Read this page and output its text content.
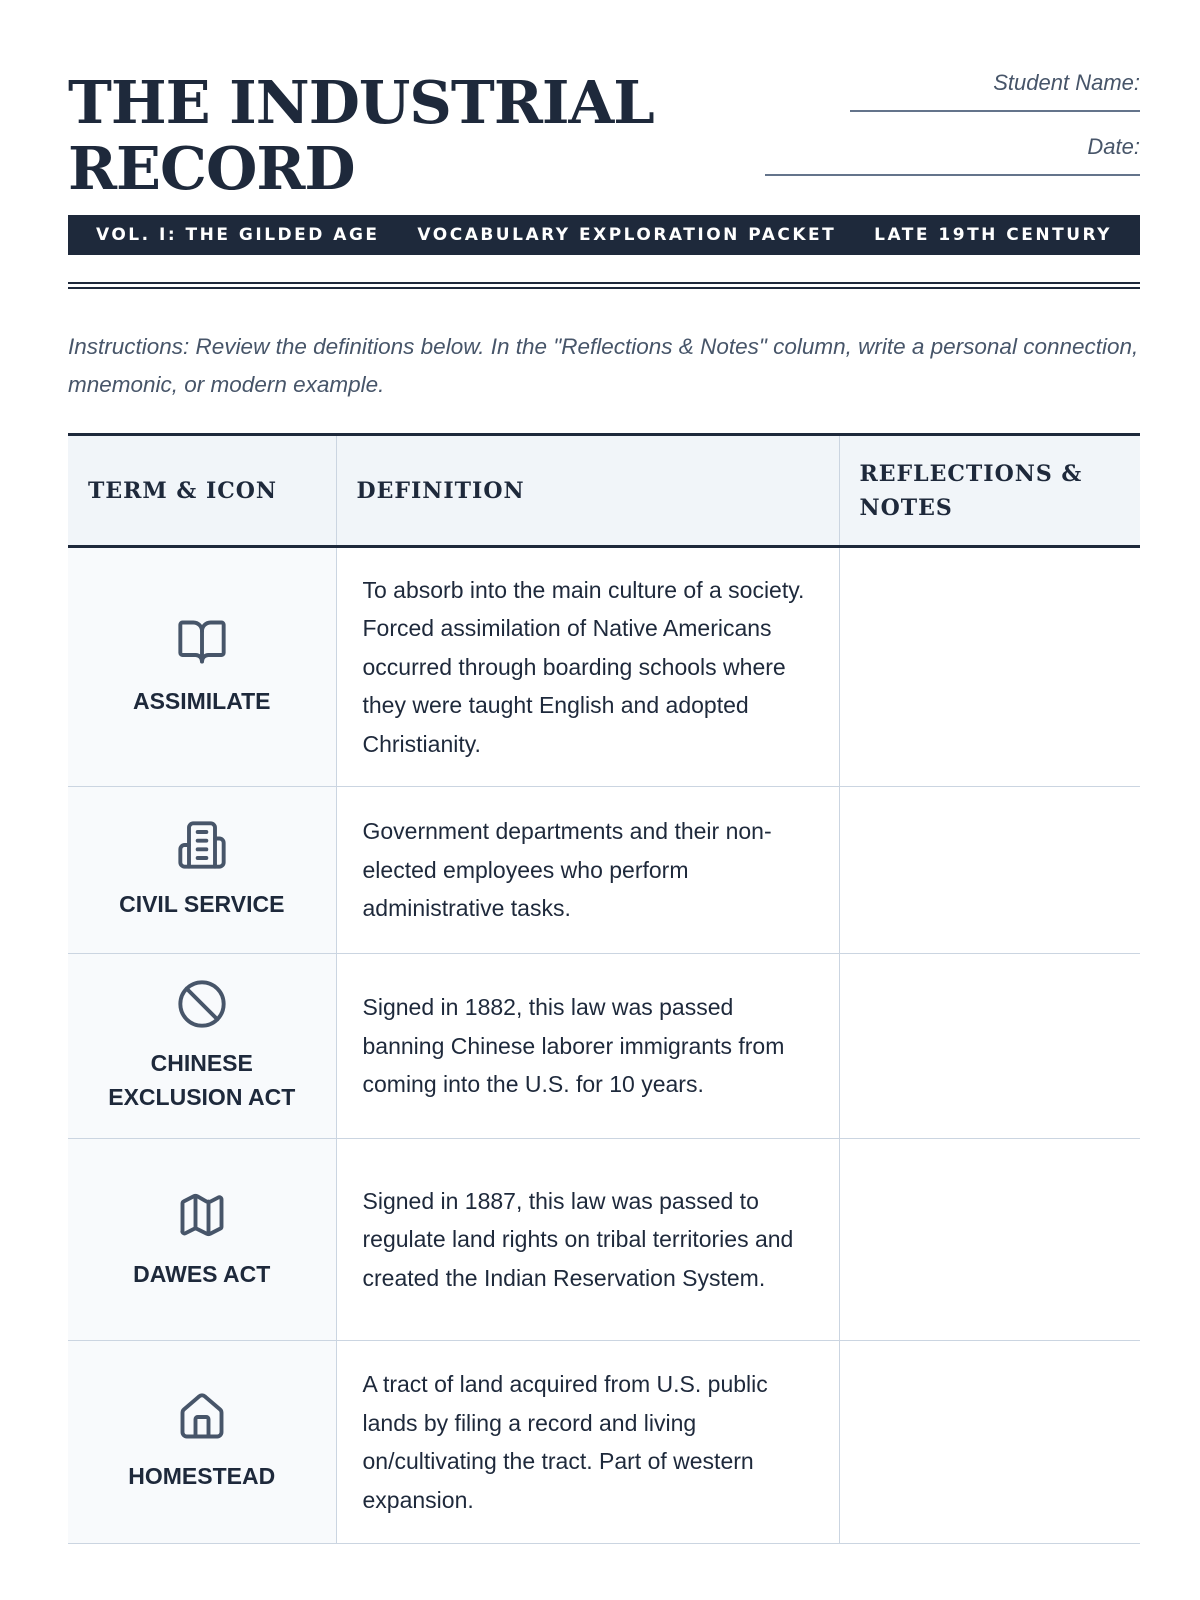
THE INDUSTRIAL
RECORD
Student Name:
Date:
VOL. I: THE GILDED AGE VOCABULARY EXPLORATION PACKET LATE 19TH CENTURY

Instructions: Review the definitions below. In the "Reflections & Notes" column, write a personal connection, mnemonic, or modern example.

TERM & ICON	DEFINITION	REFLECTIONS & NOTES

ASSIMILATE	To absorb into the main culture of a society. Forced assimilation of Native Americans occurred through boarding schools where they were taught English and adopted Christianity.	

CIVIL SERVICE	Government departments and their non-elected employees who perform administrative tasks.	

CHINESE EXCLUSION ACT	Signed in 1882, this law was passed banning Chinese laborer immigrants from coming into the U.S. for 10 years.	

DAWES ACT	Signed in 1887, this law was passed to regulate land rights on tribal territories and created the Indian Reservation System.	

HOMESTEAD	A tract of land acquired from U.S. public lands by filing a record and living on/cultivating the tract. Part of western expansion.	
